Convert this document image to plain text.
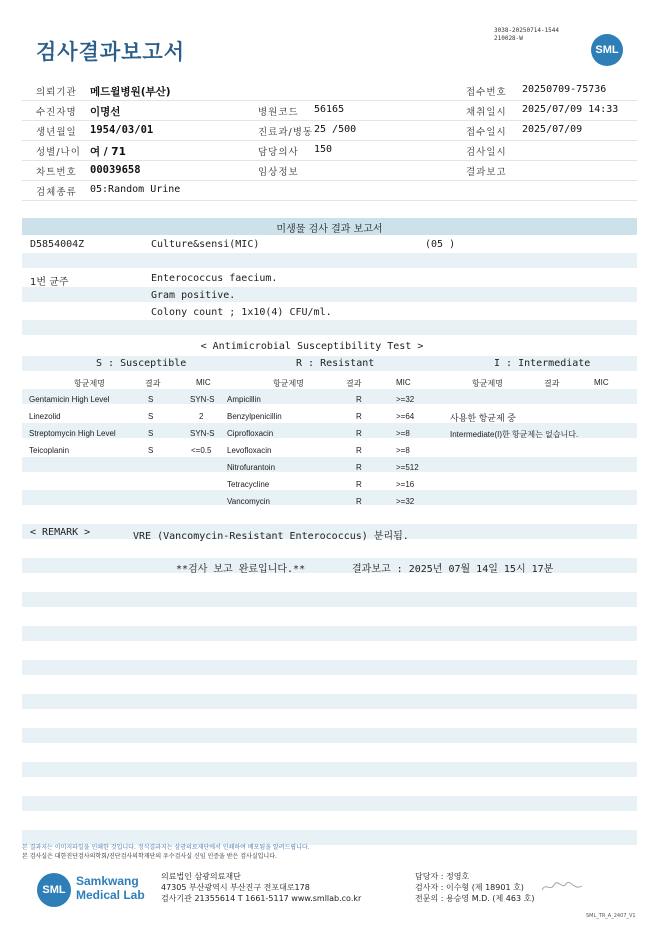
검사결과보고서
3038-20250714-1544
210028-W
SML
의뢰기관 메드윌병원(부산)	접수번호 20250709-75736
수진자명 이명선	병원코드 56165	채취일시 2025/07/09 14:33
생년월일 1954/03/01	진료과/병동 25 /500	접수일시 2025/07/09
성별/나이 여 / 71	담당의사 150	검사일시
차트번호 00039658	임상정보	결과보고
검체종류 05:Random Urine
미생물 검사 결과 보고서
D5854004Z	Culture&sensi(MIC)	(05 )
1번 균주	Enterococcus faecium.
Gram positive.
Colony count ; 1x10(4) CFU/ml.
< Antimicrobial Susceptibility Test >
S : Susceptible	R : Resistant	I : Intermediate
항균제명	결과	MIC	항균제명	결과	MIC	항균제명	결과	MIC
Gentamicin High Level	S	SYN-S
Linezolid	S	2
Streptomycin High Level	S	SYN-S
Teicoplanin	S	<=0.5
Ampicillin	R	>=32
Benzylpenicillin	R	>=64
Ciprofloxacin	R	>=8
Levofloxacin	R	>=8
Nitrofurantoin	R	>=512
Tetracycline	R	>=16
Vancomycin	R	>=32
사용한 항균제 중
Intermediate(I)한 항균제는 없습니다.
< REMARK >	VRE (Vancomycin-Resistant Enterococcus) 분리됨.
**검사 보고 완료입니다.**	결과보고 : 2025년 07월 14일 15시 17분
본 결과지는 이미지파일을 인쇄한 것입니다. 정식결과지는 삼광의료재단에서 인쇄하여 배포됨을 알려드립니다.
본 검사실은 대한진단검사의학회/진단검사의학재단의 우수검사실 신임 인증을 받은 검사실입니다.
SML
Samkwang
Medical Lab
의료법인 삼광의료재단
47305 부산광역시 부산진구 전포대로178
검사기관 21355614 T 1661-5117 www.smllab.co.kr
담당자 : 정영호
검사자 : 이수형 (제 18901 호)
전문의 : 용승영 M.D. (제 463 호)
SML_TR_A_2407_V1
